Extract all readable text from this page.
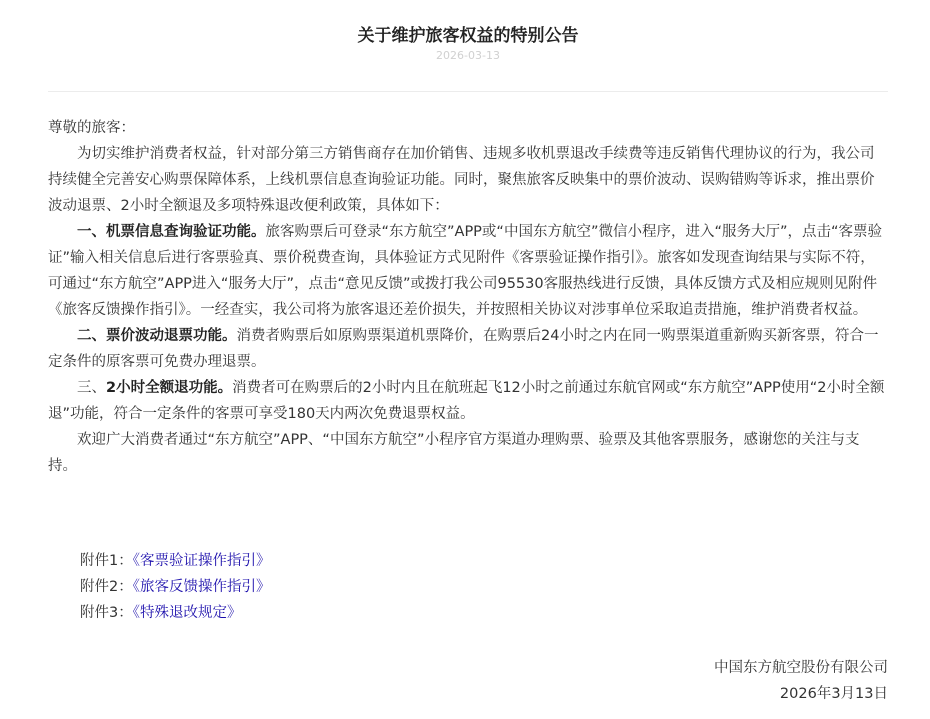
关于维护旅客权益的特别公告
2026-03-13

尊敬的旅客：

为切实维护消费者权益，针对部分第三方销售商存在加价销售、违规多收机票退改手续费等违反销售代理协议的行为，我公司持续健全完善安心购票保障体系，上线机票信息查询验证功能。同时，聚焦旅客反映集中的票价波动、误购错购等诉求，推出票价波动退票、2小时全额退及多项特殊退改便利政策，具体如下：

一、机票信息查询验证功能。旅客购票后可登录“东方航空”APP或“中国东方航空”微信小程序，进入“服务大厅”，点击“客票验证”输入相关信息后进行客票验真、票价税费查询，具体验证方式见附件《客票验证操作指引》。旅客如发现查询结果与实际不符，可通过“东方航空”APP进入“服务大厅”，点击“意见反馈”或拨打我公司95530客服热线进行反馈，具体反馈方式及相应规则见附件《旅客反馈操作指引》。一经查实，我公司将为旅客退还差价损失，并按照相关协议对涉事单位采取追责措施，维护消费者权益。

二、票价波动退票功能。消费者购票后如原购票渠道机票降价，在购票后24小时之内在同一购票渠道重新购买新客票，符合一定条件的原客票可免费办理退票。

三、2小时全额退功能。消费者可在购票后的2小时内且在航班起飞12小时之前通过东航官网或“东方航空”APP使用“2小时全额退”功能，符合一定条件的客票可享受180天内两次免费退票权益。

欢迎广大消费者通过“东方航空”APP、“中国东方航空”小程序官方渠道办理购票、验票及其他客票服务，感谢您的关注与支持。

附件1：《客票验证操作指引》
附件2：《旅客反馈操作指引》
附件3：《特殊退改规定》
中国东方航空股份有限公司
2026年3月13日
